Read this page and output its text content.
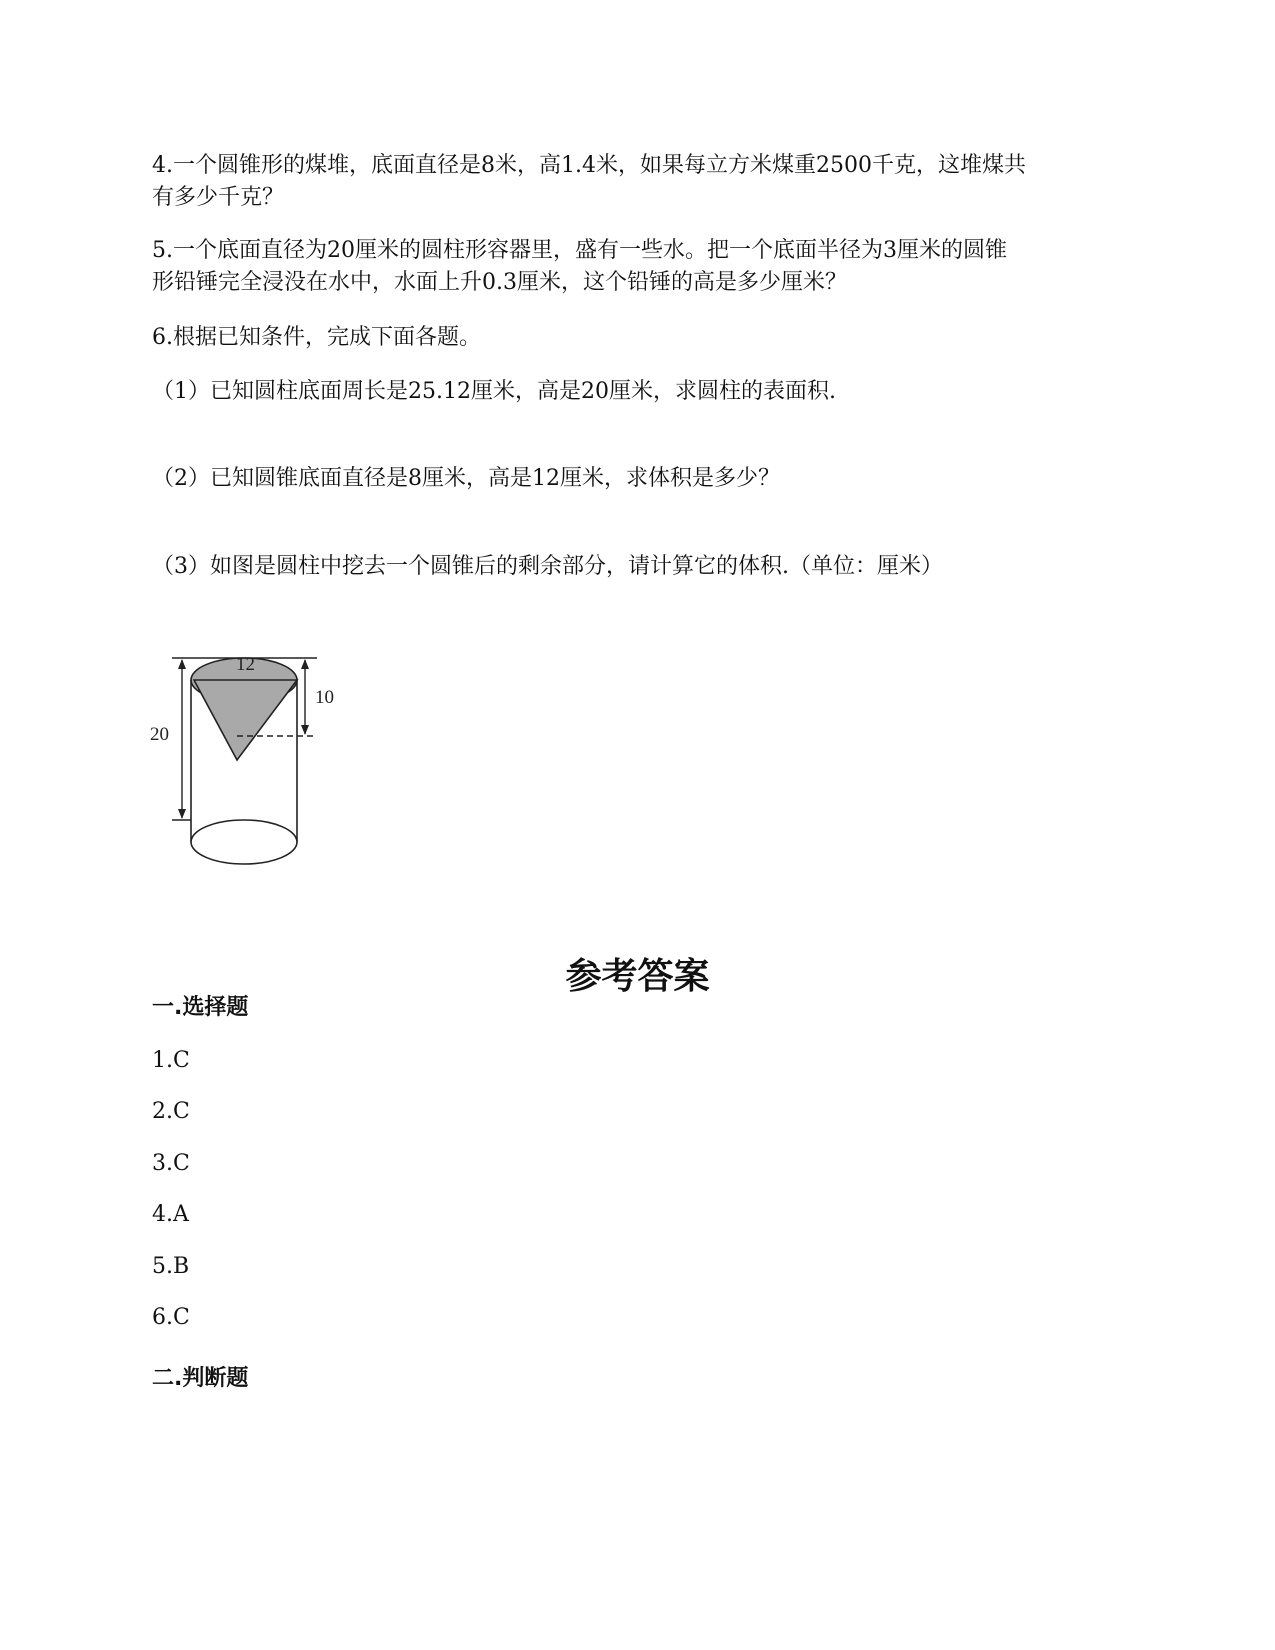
4.一个圆锥形的煤堆，底面直径是8米，高1.4米，如果每立方米煤重2500千克，这堆煤共
有多少千克？
5.一个底面直径为20厘米的圆柱形容器里，盛有一些水。把一个底面半径为3厘米的圆锥
形铅锤完全浸没在水中，水面上升0.3厘米，这个铅锤的高是多少厘米？
6.根据已知条件，完成下面各题。
（1）已知圆柱底面周长是25.12厘米，高是20厘米，求圆柱的表面积.
（2）已知圆锥底面直径是8厘米，高是12厘米，求体积是多少？
（3）如图是圆柱中挖去一个圆锥后的剩余部分，请计算它的体积.（单位：厘米）
12
10
20
参考答案
一.选择题
1.C
2.C
3.C
4.A
5.B
6.C
二.判断题
